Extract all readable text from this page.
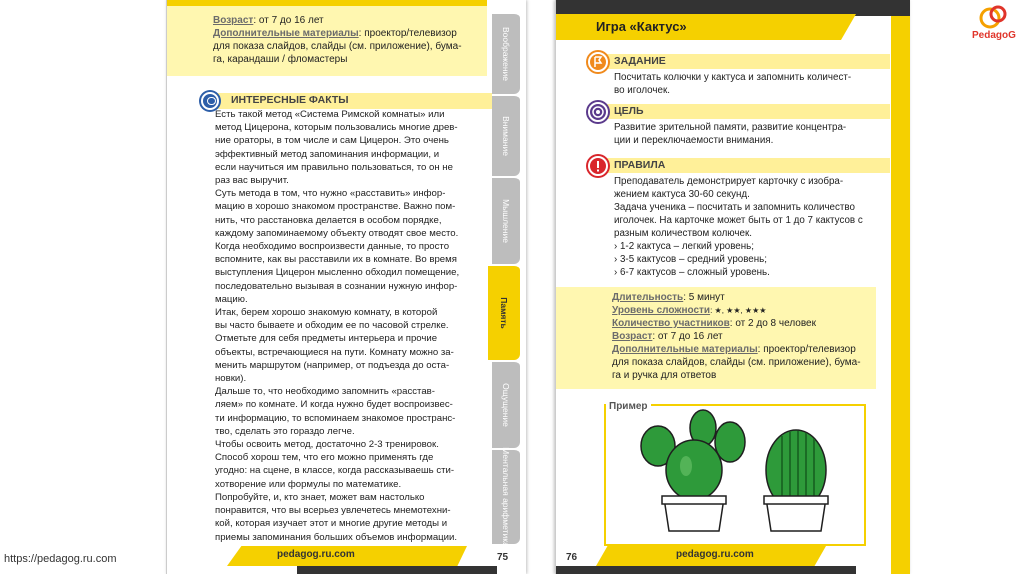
Возраст: от 7 до 16 лет
Дополнительные материалы: проектор/телевизор
для показа слайдов, слайды (см. приложение), бума-
га, карандаши / фломастеры
ИНТЕРЕСНЫЕ ФАКТЫ
Есть такой метод «Система Римской комнаты» или
метод Цицерона, которым пользовались многие древ-
ние ораторы, в том числе и сам Цицерон. Это очень
эффективный метод запоминания информации, и
если научиться им правильно пользоваться, то он не
раз вас выручит.
Суть метода в том, что нужно «расставить» инфор-
мацию в хорошо знакомом пространстве. Важно пом-
нить, что расстановка делается в особом порядке,
каждому запоминаемому объекту отводят свое место.
Когда необходимо воспроизвести данные, то просто
вспомните, как вы расставили их в комнате. Во время
выступления Цицерон мысленно обходил помещение,
последовательно вызывая в сознании нужную инфор-
мацию.
Итак, берем хорошо знакомую комнату, в которой
вы часто бываете и обходим ее по часовой стрелке.
Отметьте для себя предметы интерьера и прочие
объекты, встречающиеся на пути. Комнату можно за-
менить маршрутом (например, от подъезда до оста-
новки).
Дальше то, что необходимо запомнить «расстав-
ляем» по комнате. И когда нужно будет воспроизвес-
ти информацию, то вспоминаем знакомое пространс-
тво, сделать это гораздо легче.
Чтобы освоить метод, достаточно 2-3 тренировок.
Способ хорош тем, что его можно применять где
угодно: на сцене, в классе, когда рассказываешь сти-
хотворение или формулы по математике.
Попробуйте, и, кто знает, может вам настолько
понравится, что вы всерьез увлечетесь мнемотехни-
кой, которая изучает этот и многие другие методы и
приемы запоминания больших объемов информации.
Воображение
Внимание
Мышление
Память
Ощущение
Ментальная арифметика
pedagog.ru.com	75
Игра «Кактус»
ЗАДАНИЕ
Посчитать колючки у кактуса и запомнить количест-
во иголочек.
ЦЕЛЬ
Развитие зрительной памяти, развитие концентра-
ции и переключаемости внимания.
ПРАВИЛА
Преподаватель демонстрирует карточку с изобра-
жением кактуса 30-60 секунд.
Задача ученика – посчитать и запомнить количество
иголочек. На карточке может быть от 1 до 7 кактусов с
разным количеством колючек.
› 1-2 кактуса – легкий уровень;
› 3-5 кактусов – средний уровень;
› 6-7 кактусов – сложный уровень.
Длительность: 5 минут
Уровень сложности: ★, ★★, ★★★
Количество участников: от 2 до 8 человек
Возраст: от 7 до 16 лет
Дополнительные материалы: проектор/телевизор
для показа слайдов, слайды (см. приложение), бума-
га и ручка для ответов
Пример
76	pedagog.ru.com
https://pedagog.ru.com
PedagoG
